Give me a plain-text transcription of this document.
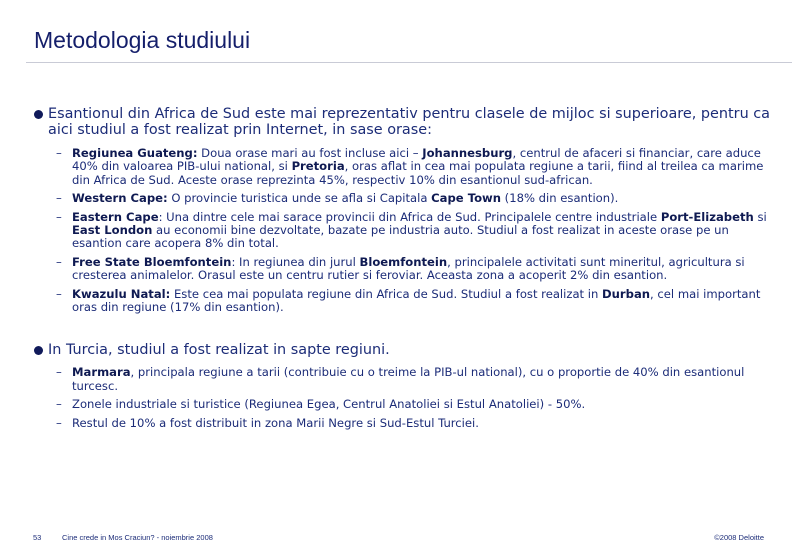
Metodologia studiului
Esantionul din Africa de Sud este mai reprezentativ pentru clasele de mijloc si superioare, pentru ca aici studiul a fost realizat prin Internet, in sase orase:
– Regiunea Guateng: Doua orase mari au fost incluse aici – Johannesburg, centrul de afaceri si financiar, care aduce 40% din valoarea PIB-ului national, si Pretoria, oras aflat in cea mai populata regiune a tarii, fiind al treilea ca marime din Africa de Sud. Aceste orase reprezinta 45%, respectiv 10% din esantionul sud-african.
– Western Cape: O provincie turistica unde se afla si Capitala Cape Town (18% din esantion).
– Eastern Cape: Una dintre cele mai sarace provincii din Africa de Sud. Principalele centre industriale Port-Elizabeth si East London au economii bine dezvoltate, bazate pe industria auto. Studiul a fost realizat in aceste orase pe un esantion care acopera 8% din total.
– Free State Bloemfontein: In regiunea din jurul Bloemfontein, principalele activitati sunt mineritul, agricultura si cresterea animalelor. Orasul este un centru rutier si feroviar. Aceasta zona a acoperit 2% din esantion.
– Kwazulu Natal: Este cea mai populata regiune din Africa de Sud. Studiul a fost realizat in Durban, cel mai important oras din regiune (17% din esantion).
In Turcia, studiul a fost realizat in sapte regiuni.
– Marmara, principala regiune a tarii (contribuie cu o treime la PIB-ul national), cu o proportie de 40% din esantionul turcesc.
– Zonele industriale si turistice (Regiunea Egea, Centrul Anatoliei si Estul Anatoliei) - 50%.
– Restul de 10% a fost distribuit in zona Marii Negre si Sud-Estul Turciei.
53	Cine crede in Mos Craciun? - noiembrie 2008	©2008 Deloitte
